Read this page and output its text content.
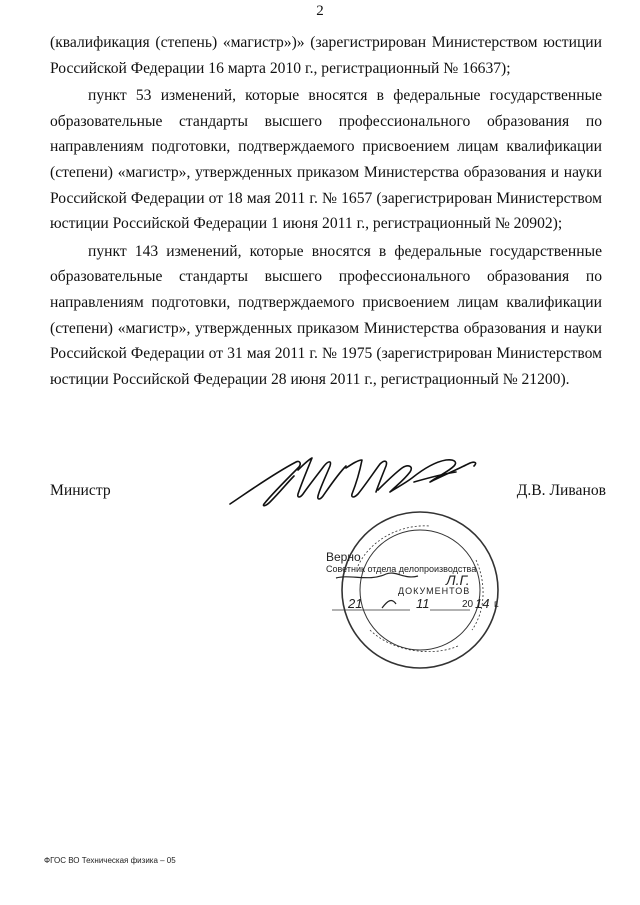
2

(квалификация (степень) «магистр»)» (зарегистрирован Министерством юстиции Российской Федерации 16 марта 2010 г., регистрационный № 16637);

пункт 53 изменений, которые вносятся в федеральные государственные образовательные стандарты высшего профессионального образования по направлениям подготовки, подтверждаемого присвоением лицам квалификации (степени) «магистр», утвержденных приказом Министерства образования и науки Российской Федерации от 18 мая 2011 г. № 1657 (зарегистрирован Министерством юстиции Российской Федерации 1 июня 2011 г., регистрационный № 20902);

пункт 143 изменений, которые вносятся в федеральные государственные образовательные стандарты высшего профессионального образования по направлениям подготовки, подтверждаемого присвоением лицам квалификации (степени) «магистр», утвержденных приказом Министерства образования и науки Российской Федерации от 31 мая 2011 г. № 1975 (зарегистрирован Министерством юстиции Российской Федерации 28 июня 2011 г., регистрационный № 21200).

Министр	Д.В. Ливанов
Верно
Советник отдела делопроизводства
Л.Г.
ДОКУМЕНТОВ
21	11	20 14 г.
ФГОС ВО Техническая физика – 05
